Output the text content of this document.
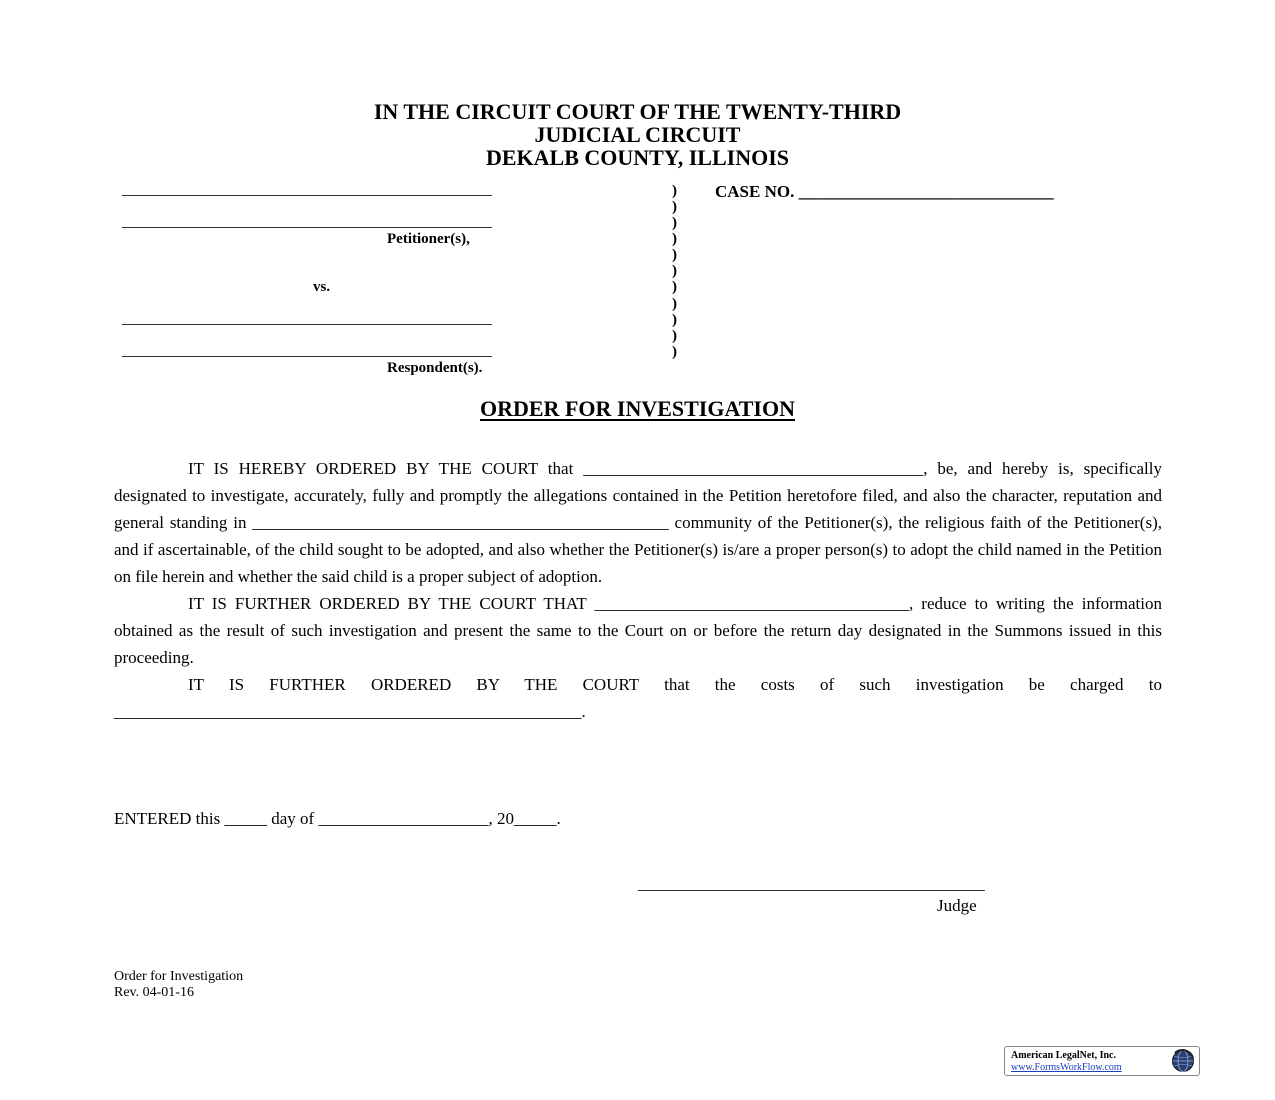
IN THE CIRCUIT COURT OF THE TWENTY-THIRD
JUDICIAL CIRCUIT
DEKALB COUNTY, ILLINOIS
________________________________________________
________________________________________________
Petitioner(s),
vs.
________________________________________________
________________________________________________
Respondent(s).
)
)
)
)
)
)
)
)
)
)
)
CASE NO. ______________________________
ORDER FOR INVESTIGATION

IT IS HEREBY ORDERED BY THE COURT that ________________________________________, be, and hereby is, specifically designated to investigate, accurately, fully and promptly the allegations contained in the Petition heretofore filed, and also the character, reputation and general standing in _________________________________________________ community of the Petitioner(s), the religious faith of the Petitioner(s), and if ascertainable, of the child sought to be adopted, and also whether the Petitioner(s) is/are a proper person(s) to adopt the child named in the Petition on file herein and whether the said child is a proper subject of adoption.

IT IS FURTHER ORDERED BY THE COURT THAT _____________________________________, reduce to writing the information obtained as the result of such investigation and present the same to the Court on or before the return day designated in the Summons issued in this proceeding.

IT IS FURTHER ORDERED BY THE COURT that the costs of such investigation be charged to _______________________________________________________.

ENTERED this _____ day of ____________________, 20_____.
_____________________________________________
Judge
Order for Investigation
Rev. 04-01-16
American LegalNet, Inc.
www.FormsWorkFlow.com
